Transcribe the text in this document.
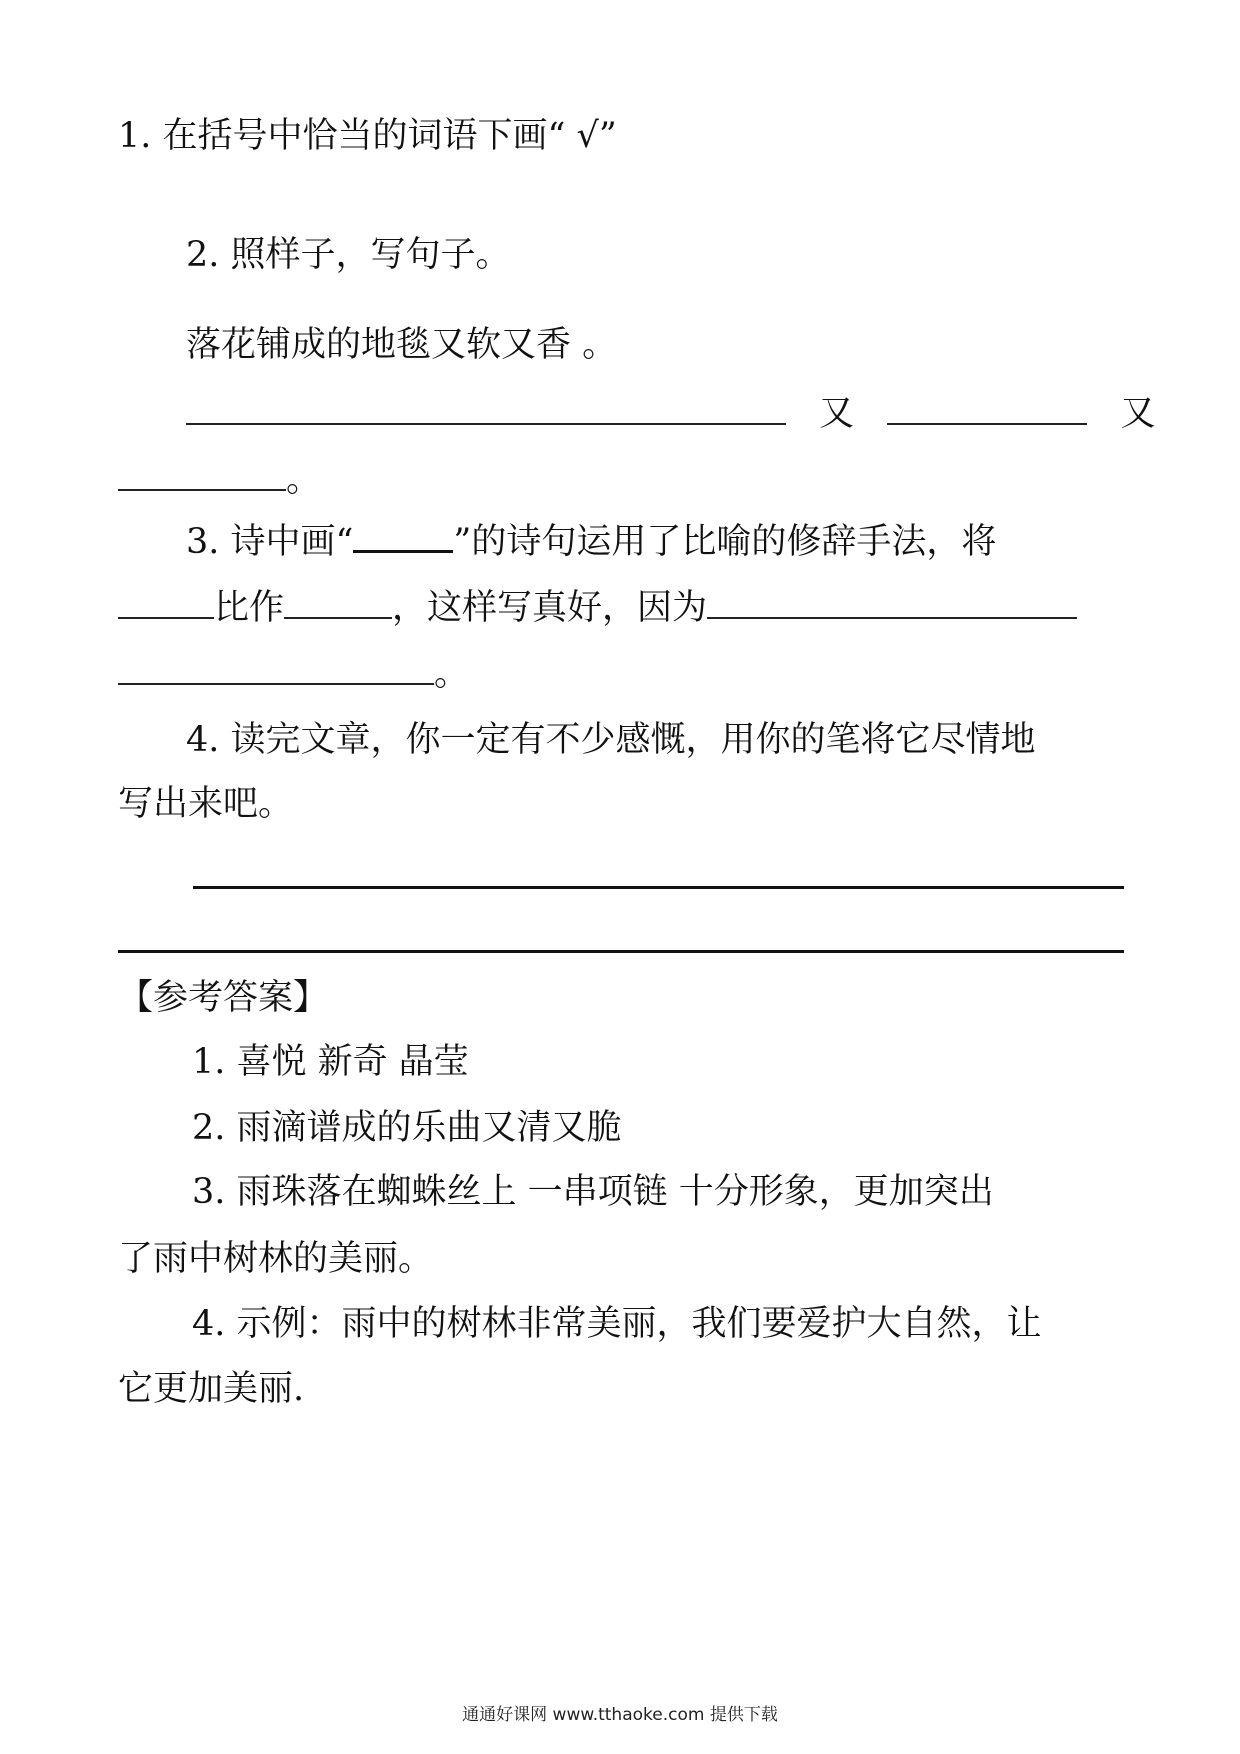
1. 在括号中恰当的词语下画“ √”
2. 照样子，写句子。
落花铺成的地毯又软又香 。
又	又
。
3. 诗中画“	”的诗句运用了比喻的修辞手法，将
比作	，这样写真好，因为
。
4. 读完文章，你一定有不少感慨，用你的笔将它尽情地
写出来吧。
【参考答案】
1. 喜悦 新奇 晶莹
2. 雨滴谱成的乐曲又清又脆
3. 雨珠落在蜘蛛丝上 一串项链 十分形象，更加突出
了雨中树林的美丽。
4. 示例：雨中的树林非常美丽，我们要爱护大自然，让
它更加美丽.
通通好课网 www.tthaoke.com 提供下载
